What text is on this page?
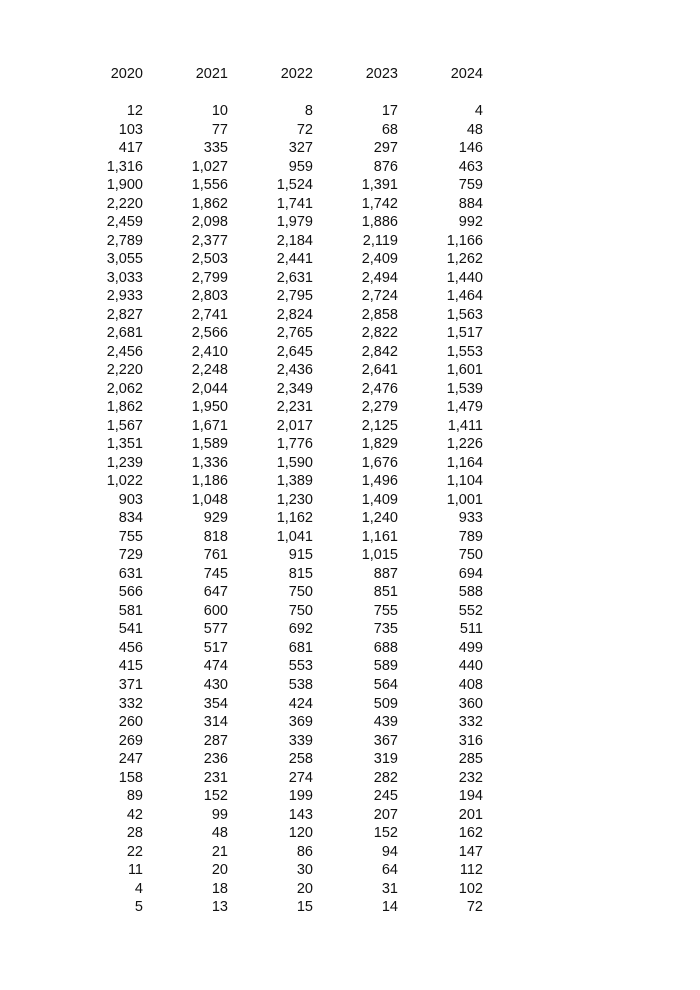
2020	2021	2022	2023	2024
12	10	8	17	4
103	77	72	68	48
417	335	327	297	146
1,316	1,027	959	876	463
1,900	1,556	1,524	1,391	759
2,220	1,862	1,741	1,742	884
2,459	2,098	1,979	1,886	992
2,789	2,377	2,184	2,119	1,166
3,055	2,503	2,441	2,409	1,262
3,033	2,799	2,631	2,494	1,440
2,933	2,803	2,795	2,724	1,464
2,827	2,741	2,824	2,858	1,563
2,681	2,566	2,765	2,822	1,517
2,456	2,410	2,645	2,842	1,553
2,220	2,248	2,436	2,641	1,601
2,062	2,044	2,349	2,476	1,539
1,862	1,950	2,231	2,279	1,479
1,567	1,671	2,017	2,125	1,411
1,351	1,589	1,776	1,829	1,226
1,239	1,336	1,590	1,676	1,164
1,022	1,186	1,389	1,496	1,104
903	1,048	1,230	1,409	1,001
834	929	1,162	1,240	933
755	818	1,041	1,161	789
729	761	915	1,015	750
631	745	815	887	694
566	647	750	851	588
581	600	750	755	552
541	577	692	735	511
456	517	681	688	499
415	474	553	589	440
371	430	538	564	408
332	354	424	509	360
260	314	369	439	332
269	287	339	367	316
247	236	258	319	285
158	231	274	282	232
89	152	199	245	194
42	99	143	207	201
28	48	120	152	162
22	21	86	94	147
11	20	30	64	112
4	18	20	31	102
5	13	15	14	72
